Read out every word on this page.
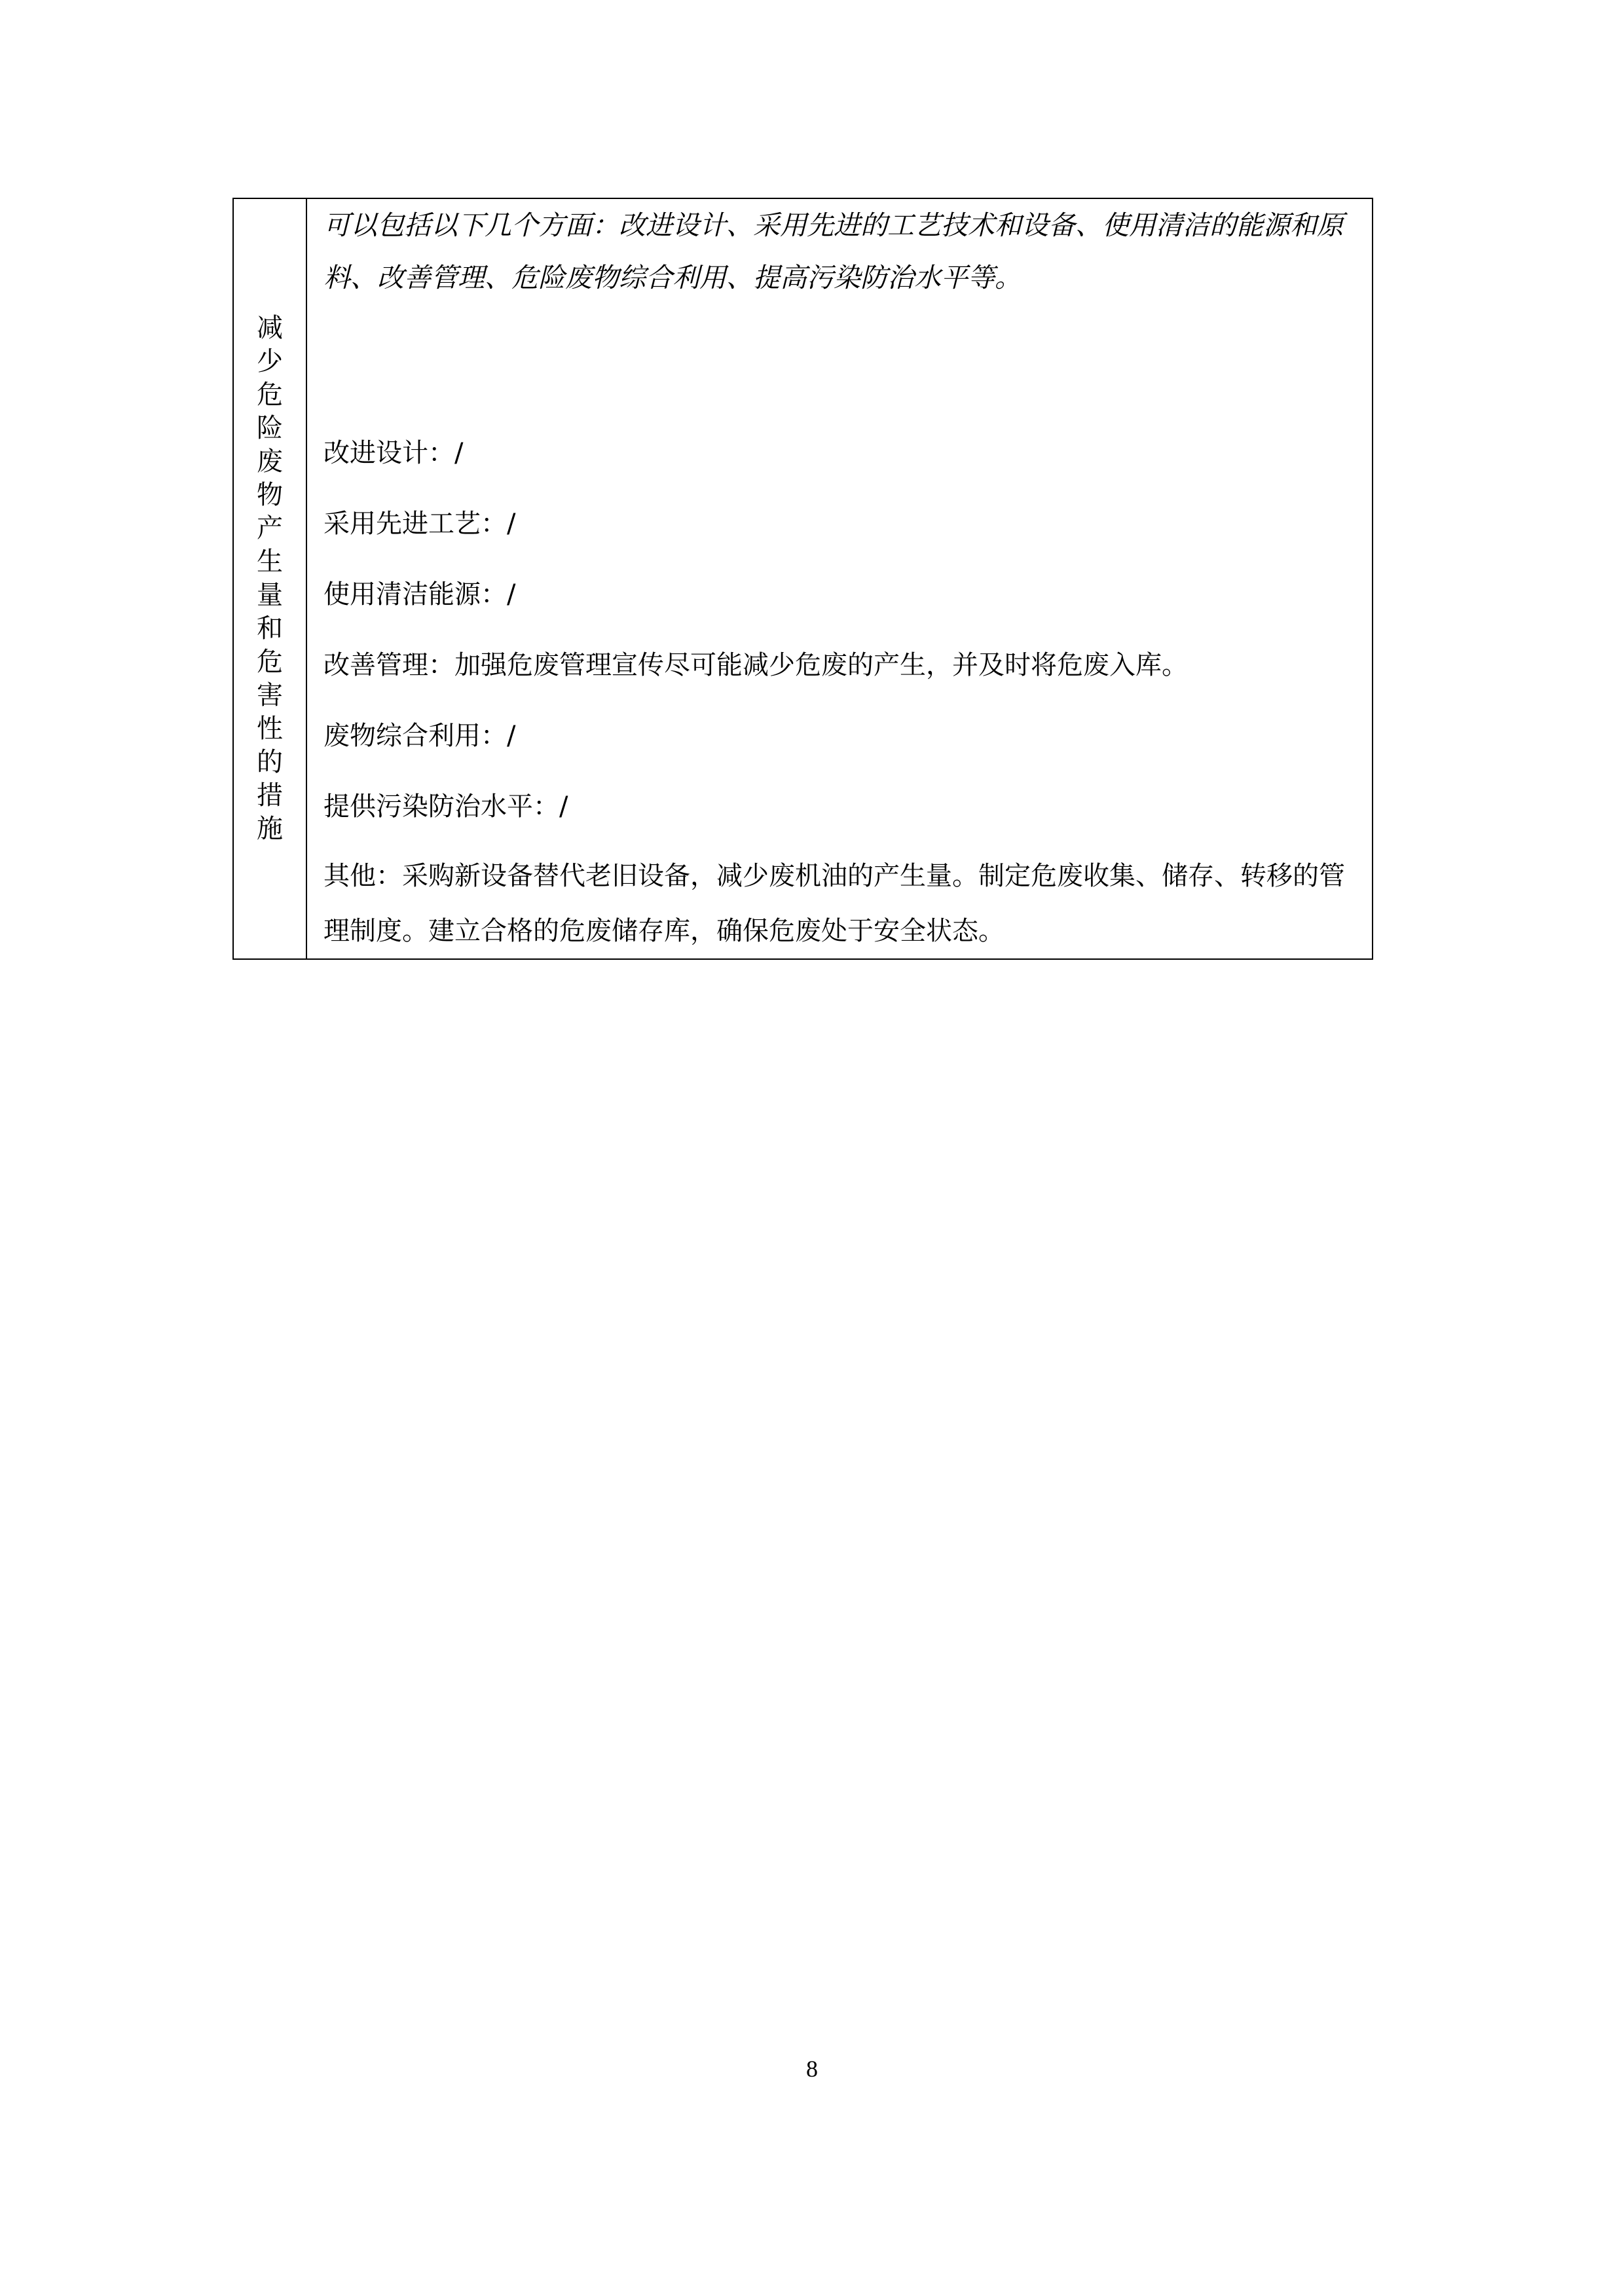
减少危险废物产生量和危害性的措施	

可以包括以下几个方面：改进设计、采用先进的工艺技术和设备、使用清洁的能源和原料、改善管理、危险废物综合利用、提高污染防治水平等。

改进设计：/

采用先进工艺：/

使用清洁能源：/

改善管理：加强危废管理宣传尽可能减少危废的产生，并及时将危废入库。

废物综合利用：/

提供污染防治水平：/

其他：采购新设备替代老旧设备，减少废机油的产生量。制定危废收集、储存、转移的管理制度。建立合格的危废储存库，确保危废处于安全状态。

8
